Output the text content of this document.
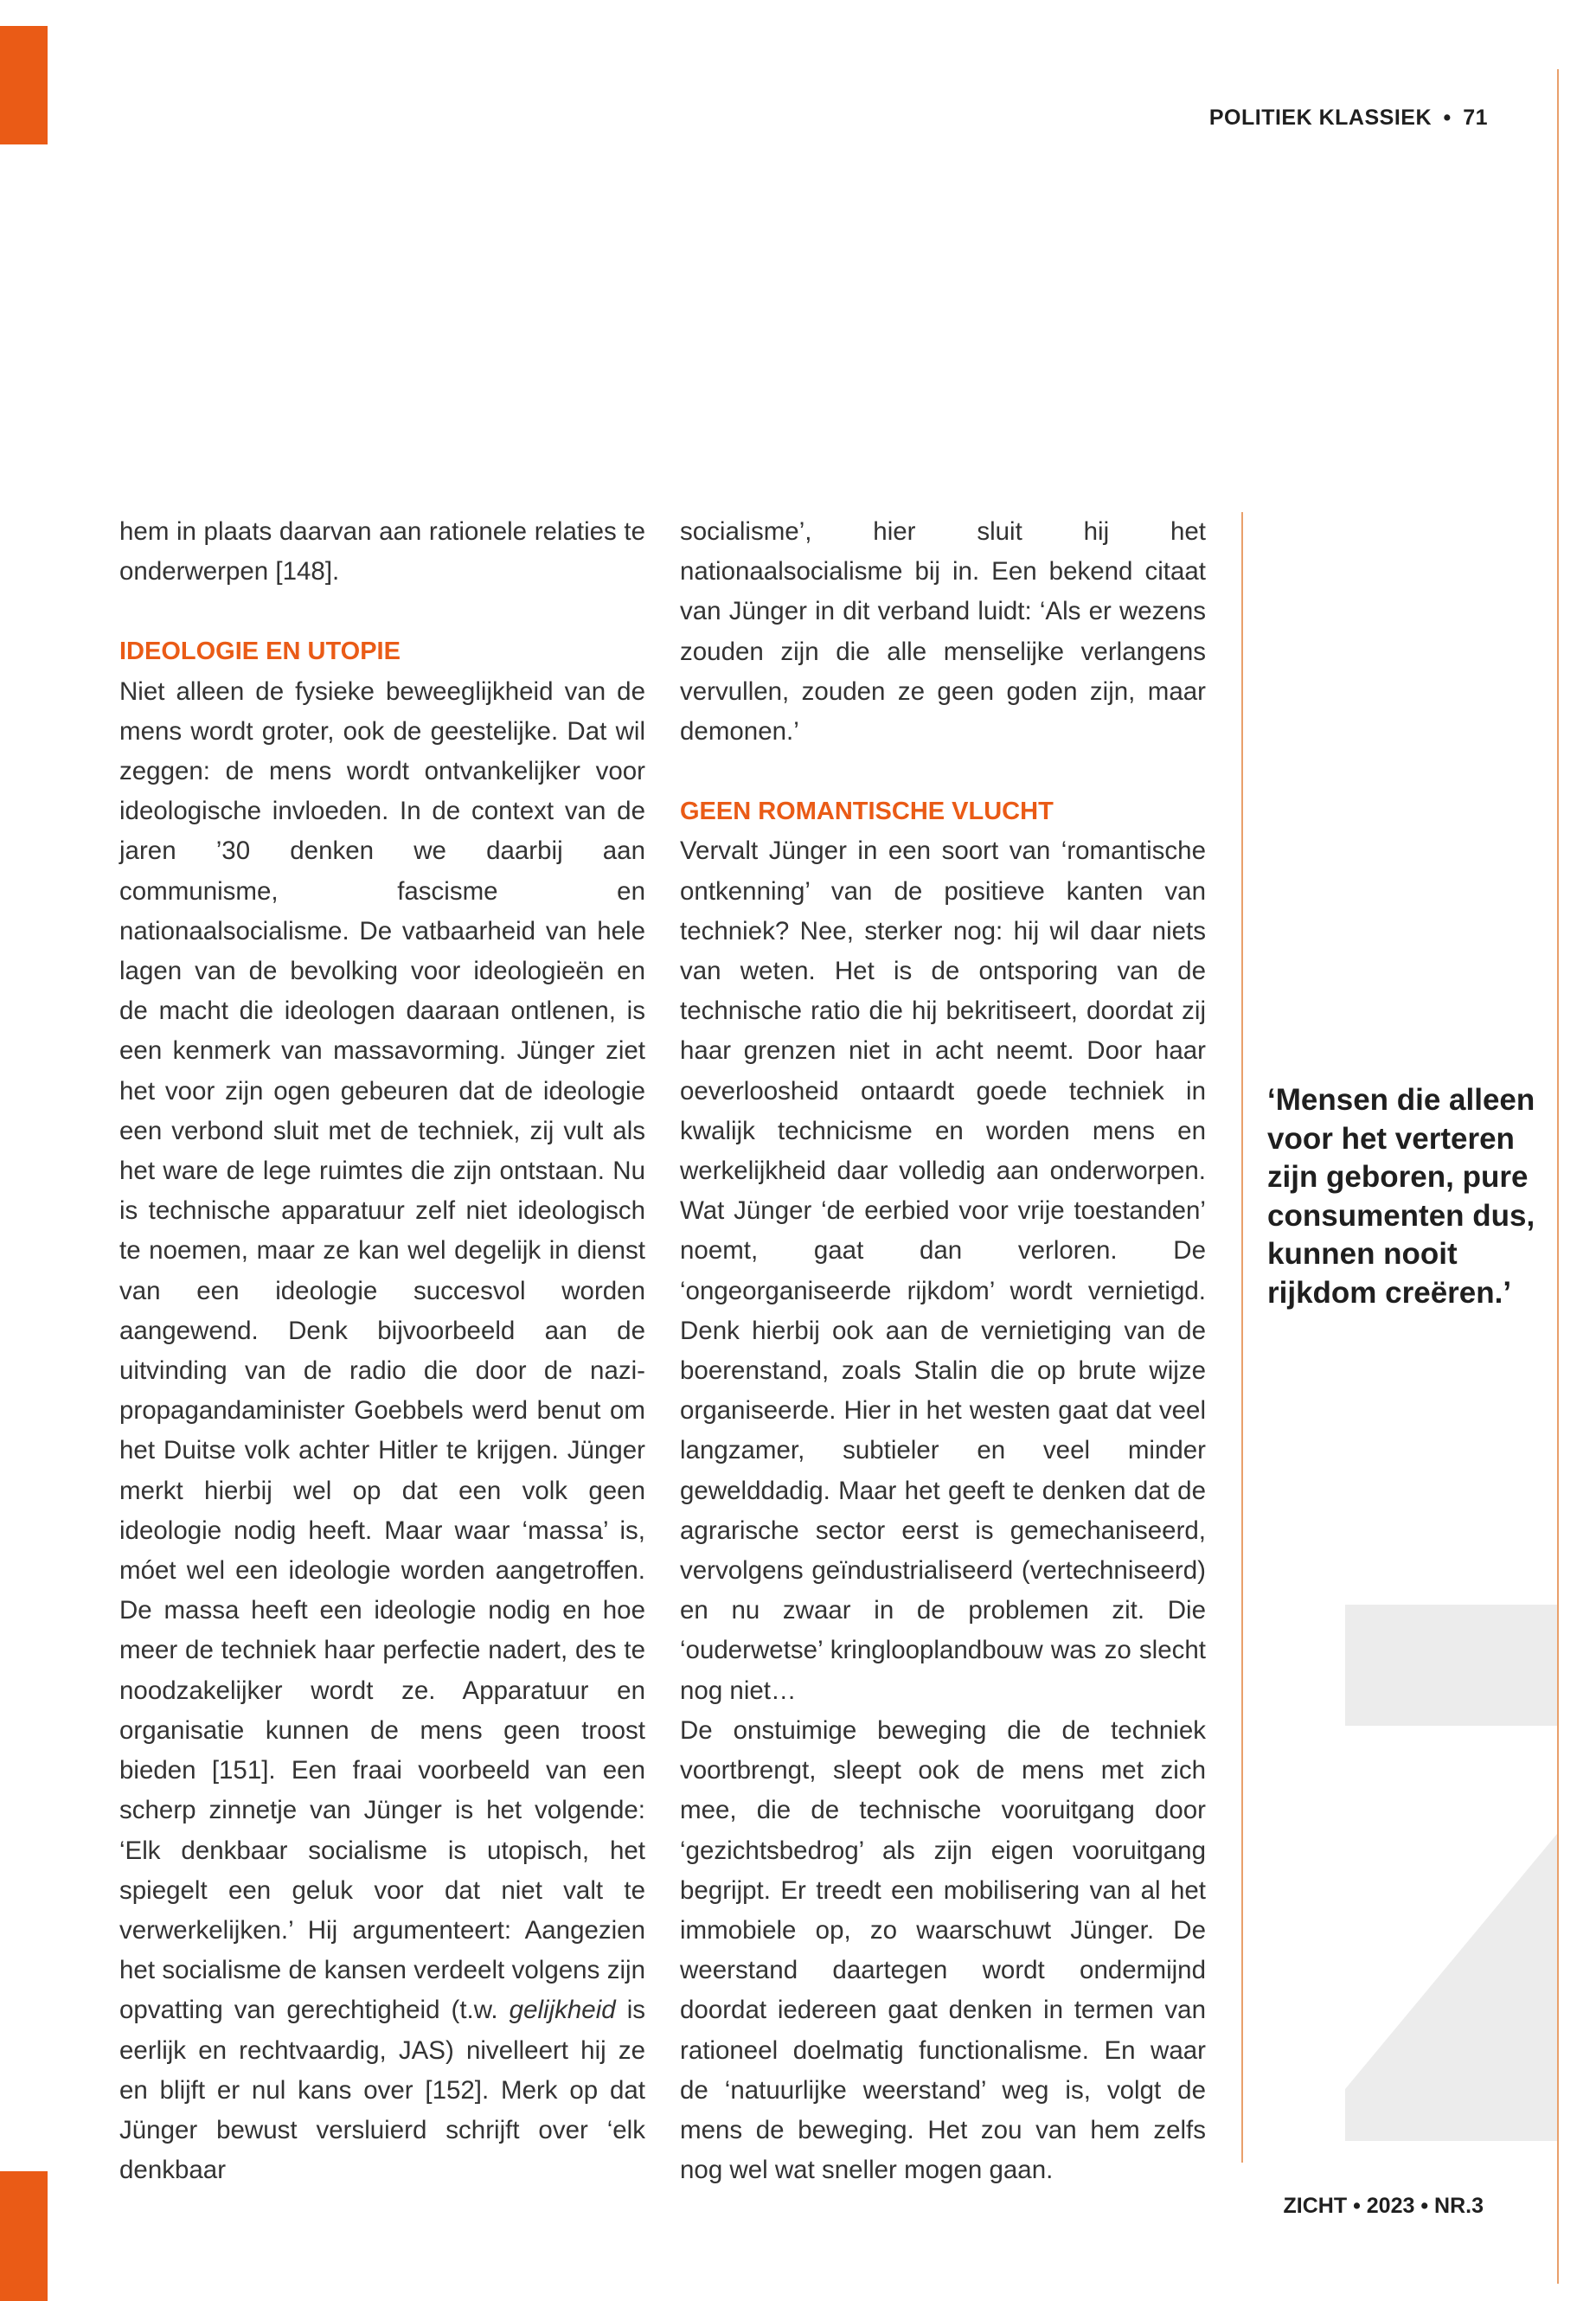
POLITIEK KLASSIEK • 71

hem in plaats daarvan aan rationele relaties te onderwerpen [148].

IDEOLOGIE EN UTOPIE

Niet alleen de fysieke beweeglijkheid van de mens wordt groter, ook de geestelijke. Dat wil zeggen: de mens wordt ontvankelijker voor ideologische invloeden. In de context van de jaren ’30 denken we daarbij aan communisme, fascisme en nationaalsocialisme. De vatbaarheid van hele lagen van de bevolking voor ideologieën en de macht die ideologen daaraan ontlenen, is een kenmerk van massavorming. Jünger ziet het voor zijn ogen gebeuren dat de ideologie een verbond sluit met de techniek, zij vult als het ware de lege ruimtes die zijn ontstaan. Nu is technische apparatuur zelf niet ideologisch te noemen, maar ze kan wel degelijk in dienst van een ideologie succesvol worden aangewend. Denk bijvoorbeeld aan de uitvinding van de radio die door de nazi-propagandaminister Goebbels werd benut om het Duitse volk achter Hitler te krijgen. Jünger merkt hierbij wel op dat een volk geen ideologie nodig heeft. Maar waar ‘massa’ is, móet wel een ideologie worden aangetroffen. De massa heeft een ideologie nodig en hoe meer de techniek haar perfectie nadert, des te noodzakelijker wordt ze. Apparatuur en organisatie kunnen de mens geen troost bieden [151]. Een fraai voorbeeld van een scherp zinnetje van Jünger is het volgende: ‘Elk denkbaar socialisme is utopisch, het spiegelt een geluk voor dat niet valt te verwerkelijken.’ Hij argumenteert: Aangezien het socialisme de kansen verdeelt volgens zijn opvatting van gerechtigheid (t.w. gelijkheid is eerlijk en rechtvaardig, JAS) nivelleert hij ze en blijft er nul kans over [152]. Merk op dat Jünger bewust versluierd schrijft over ‘elk denkbaar

socialisme’, hier sluit hij het nationaalsocialisme bij in. Een bekend citaat van Jünger in dit verband luidt: ‘Als er wezens zouden zijn die alle menselijke verlangens vervullen, zouden ze geen goden zijn, maar demonen.’

GEEN ROMANTISCHE VLUCHT

Vervalt Jünger in een soort van ‘romantische ontkenning’ van de positieve kanten van techniek? Nee, sterker nog: hij wil daar niets van weten. Het is de ontsporing van de technische ratio die hij bekritiseert, doordat zij haar grenzen niet in acht neemt. Door haar oeverloosheid ontaardt goede techniek in kwalijk technicisme en worden mens en werkelijkheid daar volledig aan onderworpen. Wat Jünger ‘de eerbied voor vrije toestanden’ noemt, gaat dan verloren. De ‘ongeorganiseerde rijkdom’ wordt vernietigd. Denk hierbij ook aan de vernietiging van de boerenstand, zoals Stalin die op brute wijze organiseerde. Hier in het westen gaat dat veel langzamer, subtieler en veel minder gewelddadig. Maar het geeft te denken dat de agrarische sector eerst is gemechaniseerd, vervolgens geïndustrialiseerd (vertechniseerd) en nu zwaar in de problemen zit. Die ‘ouderwetse’ kringlooplandbouw was zo slecht nog niet…

De onstuimige beweging die de techniek voortbrengt, sleept ook de mens met zich mee, die de technische vooruitgang door ‘gezichtsbedrog’ als zijn eigen vooruitgang begrijpt. Er treedt een mobilisering van al het immobiele op, zo waarschuwt Jünger. De weerstand daartegen wordt ondermijnd doordat iedereen gaat denken in termen van rationeel doelmatig functionalisme. En waar de ‘natuurlijke weerstand’ weg is, volgt de mens de beweging. Het zou van hem zelfs nog wel wat sneller mogen gaan.

‘Mensen die alleen voor het verteren zijn geboren, pure consumenten dus, kunnen nooit rijkdom creëren.’
ZICHT • 2023 • NR.3
